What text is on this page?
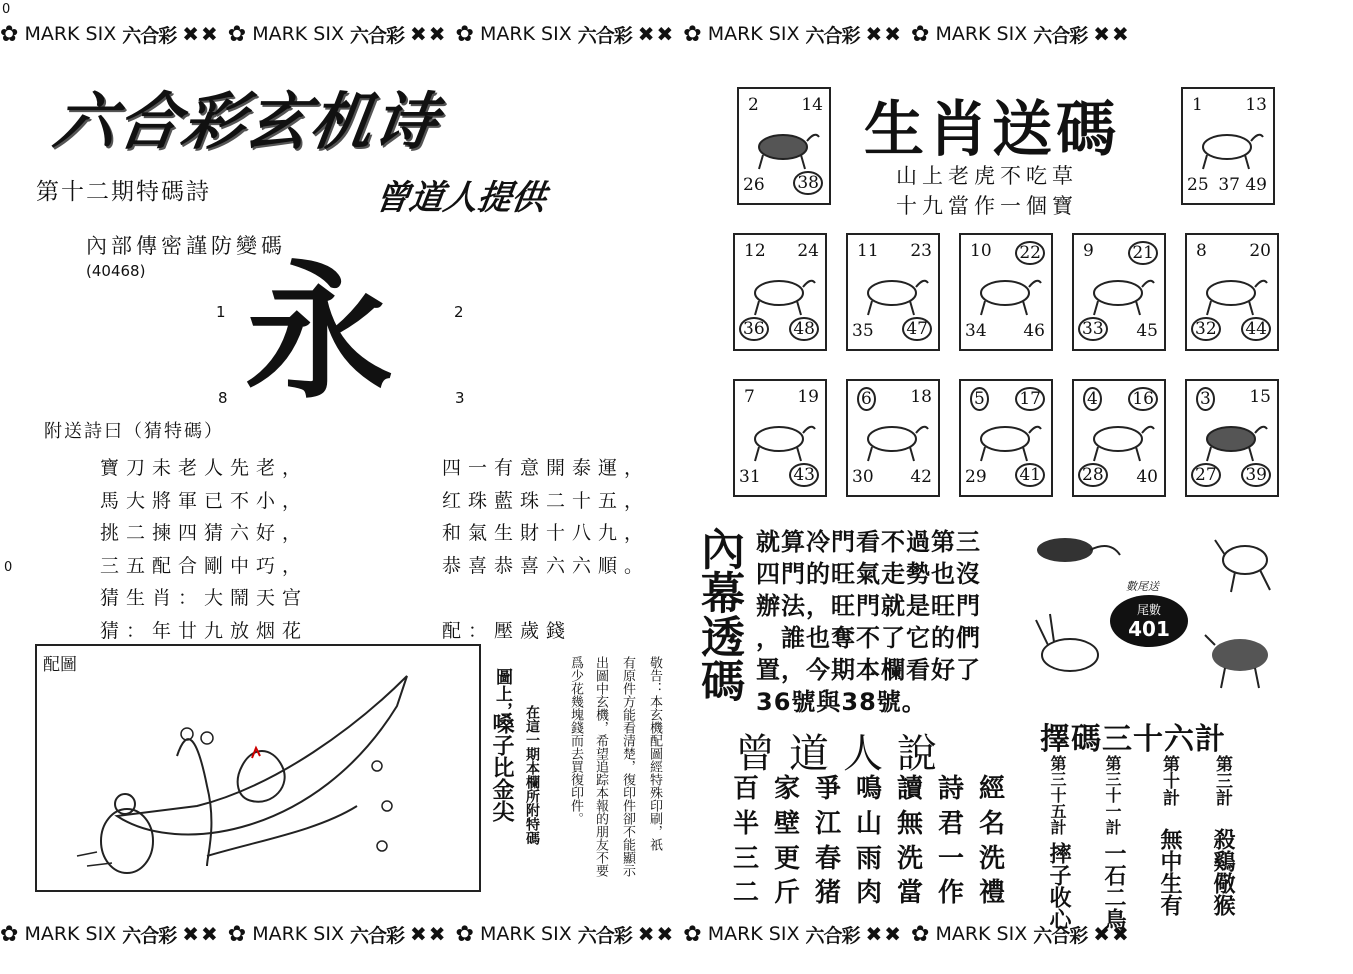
✿ MARK SIX 六合彩 ✖✖ ✿ MARK SIX 六合彩 ✖✖ ✿ MARK SIX 六合彩 ✖✖ ✿ MARK SIX 六合彩 ✖✖ ✿ MARK SIX 六合彩 ✖✖
0
✿ MARK SIX 六合彩 ✖✖ ✿ MARK SIX 六合彩 ✖✖ ✿ MARK SIX 六合彩 ✖✖ ✿ MARK SIX 六合彩 ✖✖ ✿ MARK SIX 六合彩 ✖✖
六合彩玄机诗
第十二期特碼詩	曾道人提供
內部傳密謹防變碼
(40468) 永
1	2
8	3
附送詩曰（猜特碼）
寶刀未老人先老，
馬大將軍已不小，
挑二揀四猜六好，
三五配合剛中巧，
猜生肖：大鬧天宫
猜：年廿九放烟花
四一有意開泰運，
红珠藍珠二十五，
和氣生財十八九，
恭喜恭喜六六順。

配：壓歲錢
0
配圖
圖上，
嗓子比金尖 在這一期本欄所附特碼 爲少花幾塊錢而去買復印件。 出圖中玄機，希望追踪本報的朋友不要 有原件方能看清楚，復印件卻不能顯示 敬告：本玄機配圖經特殊印刷，祇
生肖送碼
山上老虎不吃草
十九當作一個寶
2	14
26 38
1	13
25 37 49
12 24
36 48
11 23
35 47
10 22
34 46
9 21
33 45
8	20
32 44
7	19
31 43
6 18
30 42
5 17
29 41
4 16
28 40
3 15
27 39
內幕透碼 就算冷門看不過第三
四門的旺氣走勢也沒
辦法，旺門就是旺門
，誰也奪不了它的們
置，今期本欄看好了
36號與38號。
尾數
401
數尾送
曾道人說
百家爭鳴讀詩經
半壁江山無君名
三更春雨洗一洗
二斤猪肉當作禮
擇碼三十六計
第三計
殺鷄儆猴
第十計
無中生有
第三十一計
一石二鳥
第三十五計
摔子收心
